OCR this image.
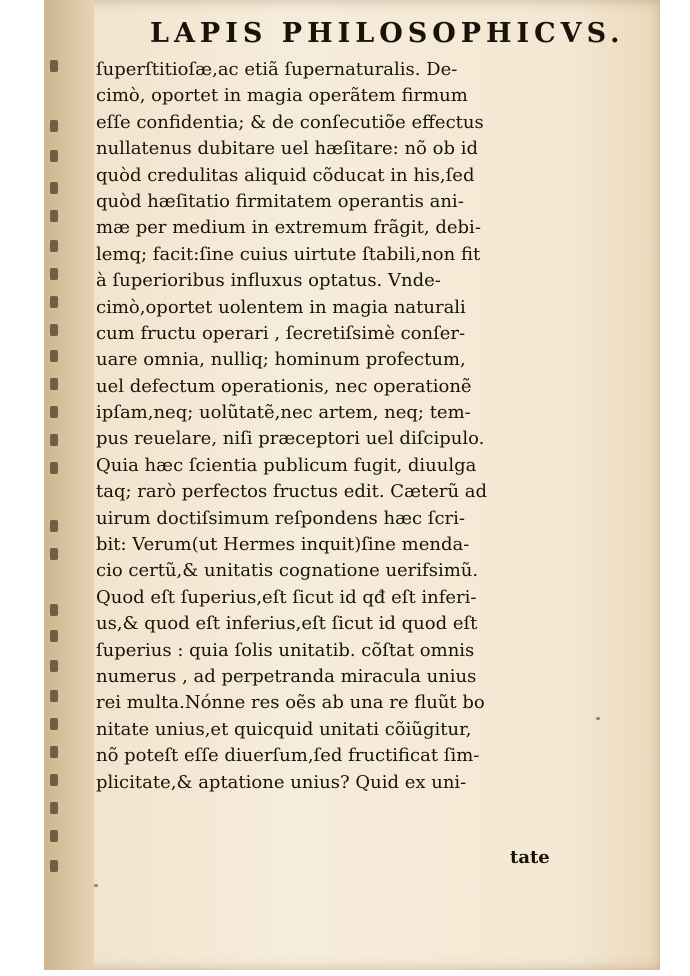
LAPIS PHILOSOPHICVS.
ſuperſtitioſæ,ac etiã ſupernaturalis. De-
cimò, oportet in magia operãtem firmum
eſſe confidentia; & de conſecutiõe effectus
nullatenus dubitare uel hæſitare: nõ ob id
quòd credulitas aliquid cõducat in his,ſed
quòd hæſitatio firmitatem operantis ani-
mæ per medium in extremum frãgit, debi-
lemq; facit:ſine cuius uirtute ſtabili,non fit
à ſuperioribus influxus optatus. Vnde-
cimò,oportet uolentem in magia naturali
cum fructu operari , ſecretiſsimè conſer-
uare omnia, nulliq; hominum profectum,
uel defectum operationis, nec operationẽ
ipſam,neq; uolũtatẽ,nec artem, neq; tem-
pus reuelare, niſi præceptori uel diſcipulo.
Quia hæc ſcientia publicum fugit, diuulga
taq; rarò perfectos fructus edit. Cæterũ ad
uirum doctiſsimum reſpondens hæc ſcri-
bit: Verum(ut Hermes inquit)ſine menda-
cio certũ,& unitatis cognatione uerifsimũ.
Quod eſt ſuperius,eſt ſicut id qđ eſt inferi-
us,& quod eſt inferius,eſt ſicut id quod eſt
ſuperius : quia ſolis unitatib. cõſtat omnis
numerus , ad perpetranda miracula unius
rei multa.Nónne res oẽs ab una re fluũt bo
nitate unius,et quicquid unitati cõiũgitur,
nõ poteſt eſſe diuerſum,ſed fructificat ſim-
plicitate,& aptatione unius? Quid ex uni-
tate
